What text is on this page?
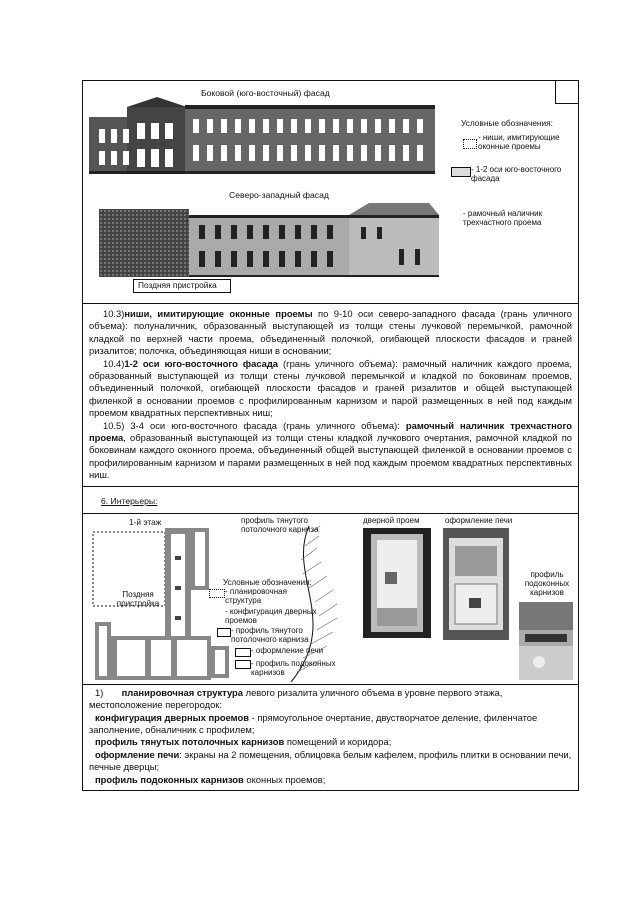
Боковой (юго-восточный) фасад
Условные обозначения:
- ниши, имитирующие оконные проемы
- 1-2 оси юго-восточного фасада
- рамочный наличник трехчастного проема
Северо-западный фасад
Поздняя пристройка

10.3)ниши, имитирующие оконные проемы по 9-10 оси северо-западного фасада (грань уличного объема): полуналичник, образованный выступающей из толщи стены лучковой перемычкой, рамочной кладкой по верхней части проема, объединенный полочкой, огибающей плоскости фасадов и граней ризалитов; полочка, объединяющая ниши в основании;

10.4)1-2 оси юго-восточного фасада (грань уличного объема): рамочный наличник каждого проема, образованный выступающей из толщи стены лучковой перемычкой и кладкой по боковинам проемов, объединенный полочкой, огибающей плоскости фасадов и граней ризалитов и общей выступающей филенкой в основании проемов с профилированным карнизом и парой размещенных в ней под каждым проемом квадратных перспективных ниш;

10.5) 3-4 оси юго-восточного фасада (грань уличного объема): рамочный наличник трехчастного проема, образованный выступающей из толщи стены кладкой лучкового очертания, рамочной кладкой по боковинам каждого оконного проема, объединенный общей выступающей филенкой в основании проемов с профилированным карнизом и парами размещенных в ней под каждым проемом квадратных перспективных ниш.

6. Интерьеры:
1-й этаж
Поздняя пристройка
профиль тянутого потолочного карниза
Условные обозначения:
- планировочная структура
- конфигурация дверных проемов
- профиль тянутого потолочного карниза
- оформление печи
- профиль подоконных карнизов
дверной проем	оформление печи
профиль подоконных карнизов

1) планировочная структура левого ризалита уличного объема в уровне первого этажа, местоположение перегородок:

конфигурация дверных проемов - прямоугольное очертание, двустворчатое деление, филенчатое заполнение, обналичник с профилем;

профиль тянутых потолочных карнизов помещений и коридора;

оформление печи: экраны на 2 помещения, облицовка белым кафелем, профиль плитки в основании печи, печные дверцы;

профиль подоконных карнизов оконных проемов;
